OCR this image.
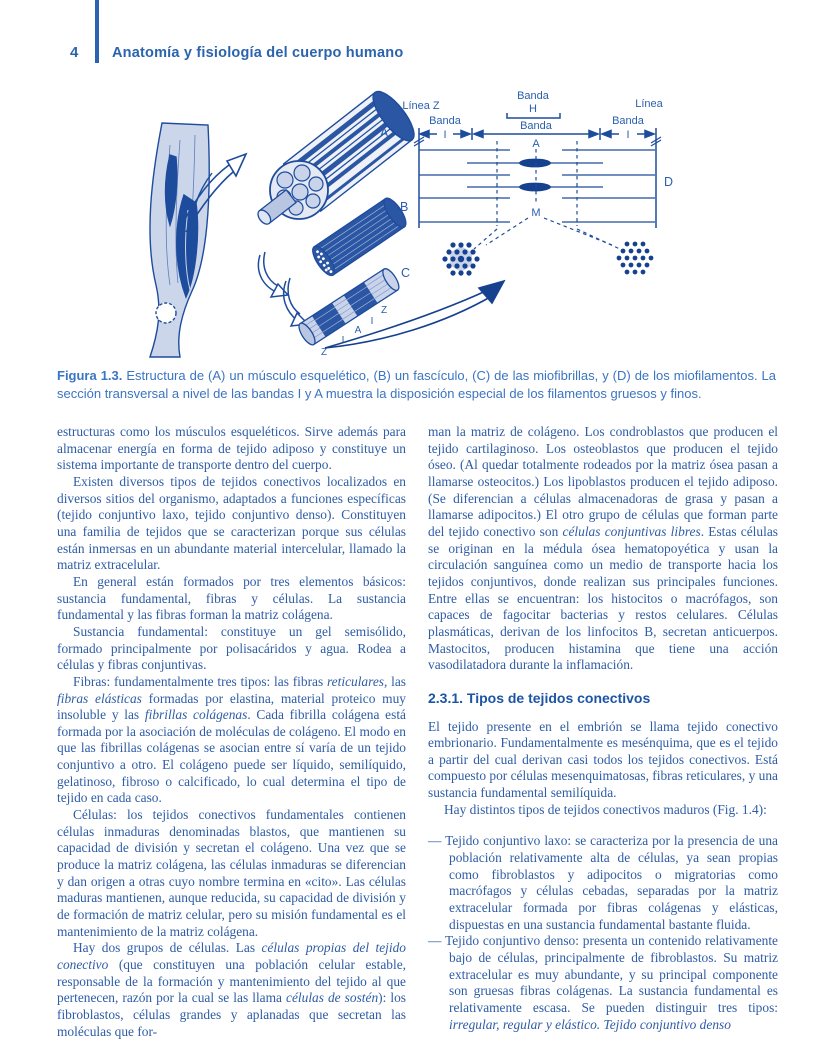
4 Anatomía y fisiología del cuerpo humano
Z
I
A
I
Z
A
B
C
Línea Z
Banda
I
Banda
H
Banda
A
Línea
Banda
I
D
M
Figura 1.3. Estructura de (A) un músculo esquelético, (B) un fascículo, (C) de las miofibrillas, y (D) de los miofilamentos. La sección transversal a nivel de las bandas I y A muestra la disposición especial de los filamentos gruesos y finos.

estructuras como los músculos esqueléticos. Sirve además para almacenar energía en forma de tejido adiposo y constituye un sistema importante de transporte dentro del cuerpo.

Existen diversos tipos de tejidos conectivos localizados en diversos sitios del organismo, adaptados a funciones específicas (tejido conjuntivo laxo, tejido conjuntivo denso). Constituyen una familia de tejidos que se caracterizan porque sus células están inmersas en un abundante material intercelular, llamado la matriz extracelular.

En general están formados por tres elementos básicos: sustancia fundamental, fibras y células. La sustancia fundamental y las fibras forman la matriz colágena.

Sustancia fundamental: constituye un gel semisólido, formado principalmente por polisacáridos y agua. Rodea a células y fibras conjuntivas.

Fibras: fundamentalmente tres tipos: las fibras reticulares, las fibras elásticas formadas por elastina, material proteico muy insoluble y las fibrillas colágenas. Cada fibrilla colágena está formada por la asociación de moléculas de colágeno. El modo en que las fibrillas colágenas se asocian entre sí varía de un tejido conjuntivo a otro. El colágeno puede ser líquido, semilíquido, gelatinoso, fibroso o calcificado, lo cual determina el tipo de tejido en cada caso.

Células: los tejidos conectivos fundamentales contienen células inmaduras denominadas blastos, que mantienen su capacidad de división y secretan el colágeno. Una vez que se produce la matriz colágena, las células inmaduras se diferencian y dan origen a otras cuyo nombre termina en «cito». Las células maduras mantienen, aunque reducida, su capacidad de división y de formación de matriz celular, pero su misión fundamental es el mantenimiento de la matriz colágena.

Hay dos grupos de células. Las células propias del tejido conectivo (que constituyen una población celular estable, responsable de la formación y mantenimiento del tejido al que pertenecen, razón por la cual se las llama células de sostén): los fibroblastos, células grandes y aplanadas que secretan las moléculas que for-

man la matriz de colágeno. Los condroblastos que producen el tejido cartilaginoso. Los osteoblastos que producen el tejido óseo. (Al quedar totalmente rodeados por la matriz ósea pasan a llamarse osteocitos.) Los lipoblastos producen el tejido adiposo. (Se diferencian a células almacenadoras de grasa y pasan a llamarse adipocitos.) El otro grupo de células que forman parte del tejido conectivo son células conjuntivas libres. Estas células se originan en la médula ósea hematopoyética y usan la circulación sanguínea como un medio de transporte hacia los tejidos conjuntivos, donde realizan sus principales funciones. Entre ellas se encuentran: los histocitos o macrófagos, son capaces de fagocitar bacterias y restos celulares. Células plasmáticas, derivan de los linfocitos B, secretan anticuerpos. Mastocitos, producen histamina que tiene una acción vasodilatadora durante la inflamación.

2.3.1. Tipos de tejidos conectivos

El tejido presente en el embrión se llama tejido conectivo embrionario. Fundamentalmente es mesénquima, que es el tejido a partir del cual derivan casi todos los tejidos conectivos. Está compuesto por células mesenquimatosas, fibras reticulares, y una sustancia fundamental semilíquida.

Hay distintos tipos de tejidos conectivos maduros (Fig. 1.4):

— Tejido conjuntivo laxo: se caracteriza por la presencia de una población relativamente alta de células, ya sean propias como fibroblastos y adipocitos o migratorias como macrófagos y células cebadas, separadas por la matriz extracelular formada por fibras colágenas y elásticas, dispuestas en una sustancia fundamental bastante fluida.

— Tejido conjuntivo denso: presenta un contenido relativamente bajo de células, principalmente de fibroblastos. Su matriz extracelular es muy abundante, y su principal componente son gruesas fibras colágenas. La sustancia fundamental es relativamente escasa. Se pueden distinguir tres tipos: irregular, regular y elástico. Tejido conjuntivo denso
